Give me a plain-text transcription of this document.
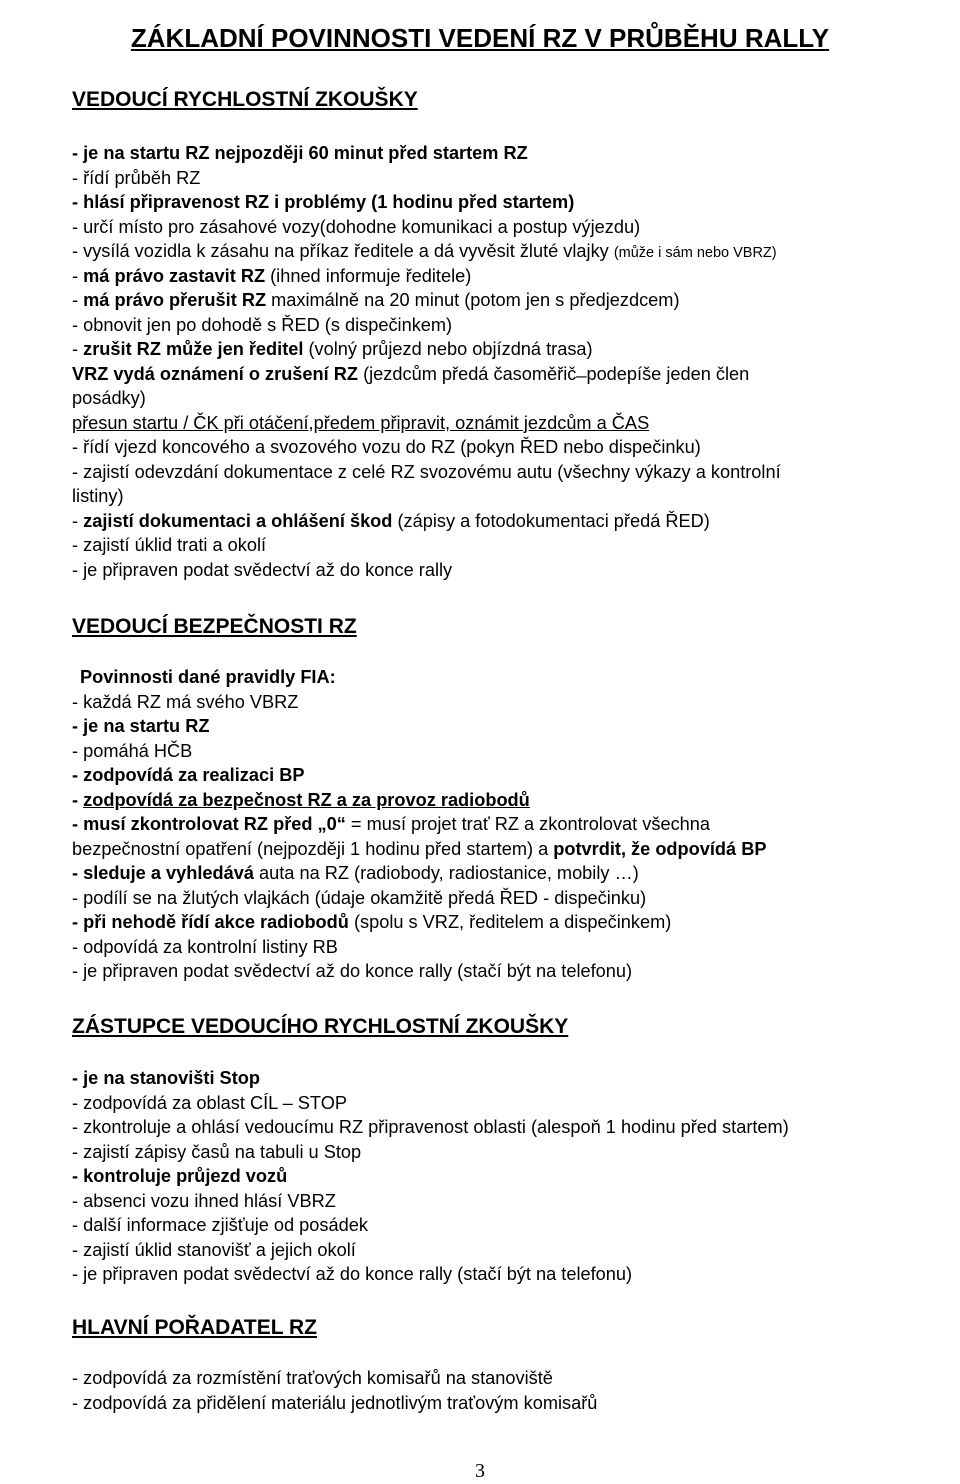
ZÁKLADNÍ POVINNOSTI VEDENÍ RZ V PRŮBĚHU RALLY
VEDOUCÍ RYCHLOSTNÍ ZKOUŠKY
- je na startu RZ nejpozději 60 minut před startem RZ
- řídí průběh RZ
- hlásí připravenost RZ i problémy (1 hodinu před startem)
- určí místo pro zásahové vozy(dohodne komunikaci a postup výjezdu)
- vysílá vozidla k zásahu na příkaz ředitele a dá vyvěsit žluté vlajky (může i sám nebo VBRZ)
- má právo zastavit RZ (ihned informuje ředitele)
- má právo přerušit RZ maximálně na 20 minut (potom jen s předjezdcem)
- obnovit jen po dohodě s ŘED (s dispečinkem)
- zrušit RZ může jen ředitel (volný průjezd nebo objízdná trasa)
VRZ vydá oznámení o zrušení RZ (jezdcům předá časoměřič ̶ podepíše jeden člen
posádky)
přesun startu / ČK při otáčení,předem připravit, oznámit jezdcům a ČAS
- řídí vjezd koncového a svozového vozu do RZ (pokyn ŘED nebo dispečinku)
- zajistí odevzdání dokumentace z celé RZ svozovému autu (všechny výkazy a kontrolní
listiny)
- zajistí dokumentaci a ohlášení škod (zápisy a fotodokumentaci předá ŘED)
- zajistí úklid trati a okolí
- je připraven podat svědectví až do konce rally
VEDOUCÍ BEZPEČNOSTI RZ
Povinnosti dané pravidly FIA:
- každá RZ má svého VBRZ
- je na startu RZ
- pomáhá HČB
- zodpovídá za realizaci BP
- zodpovídá za bezpečnost RZ a za provoz radiobodů
- musí zkontrolovat RZ před „0“ = musí projet trať RZ a zkontrolovat všechna
bezpečnostní opatření (nejpozději 1 hodinu před startem) a potvrdit, že odpovídá BP
- sleduje a vyhledává auta na RZ (radiobody, radiostanice, mobily …)
- podílí se na žlutých vlajkách (údaje okamžitě předá ŘED - dispečinku)
- při nehodě řídí akce radiobodů (spolu s VRZ, ředitelem a dispečinkem)
- odpovídá za kontrolní listiny RB
- je připraven podat svědectví až do konce rally (stačí být na telefonu)
ZÁSTUPCE VEDOUCÍHO RYCHLOSTNÍ ZKOUŠKY
- je na stanovišti Stop
- zodpovídá za oblast CÍL – STOP
- zkontroluje a ohlásí vedoucímu RZ připravenost oblasti (alespoň 1 hodinu před startem)
- zajistí zápisy časů na tabuli u Stop
- kontroluje průjezd vozů
- absenci vozu ihned hlásí VBRZ
- další informace zjišťuje od posádek
- zajistí úklid stanovišť a jejich okolí
- je připraven podat svědectví až do konce rally (stačí být na telefonu)
HLAVNÍ POŘADATEL RZ
- zodpovídá za rozmístění traťových komisařů na stanoviště
- zodpovídá za přidělení materiálu jednotlivým traťovým komisařů
3
